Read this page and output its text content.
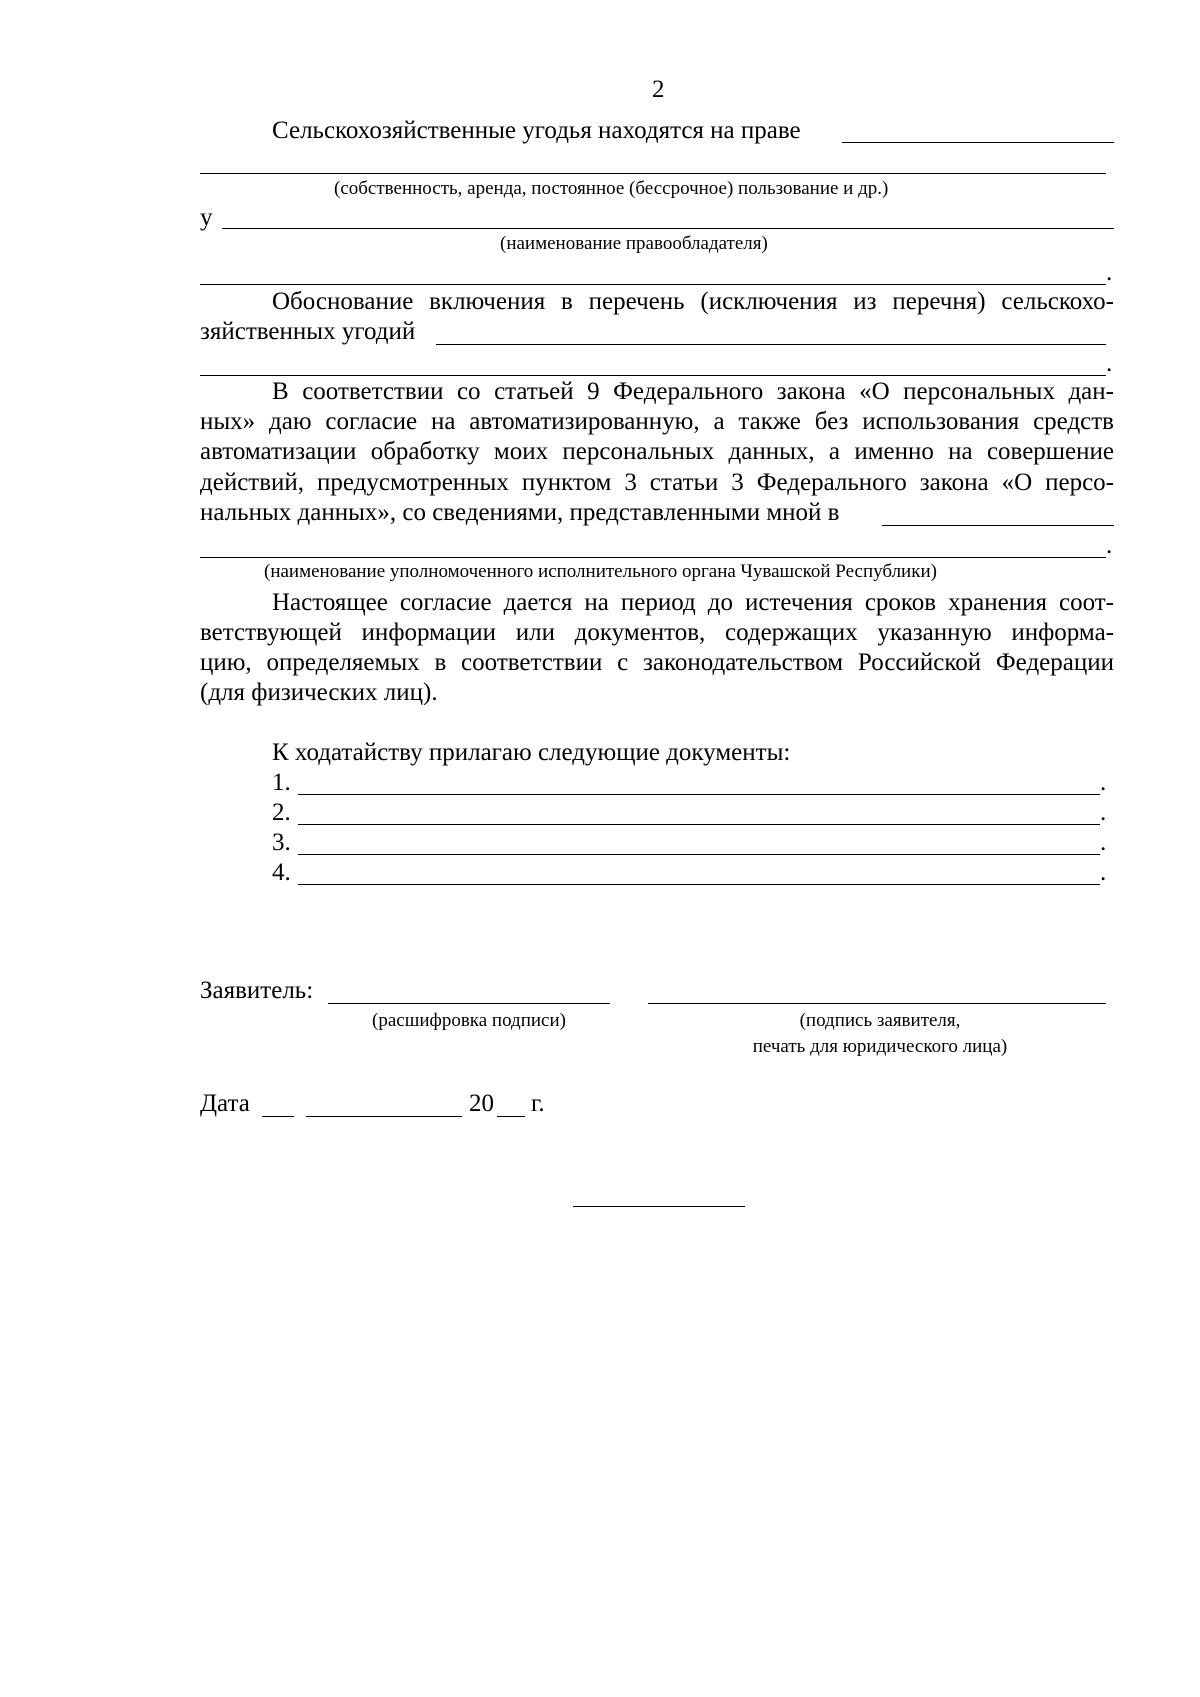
2
Сельскохозяйственные угодья находятся на праве
(собственность, аренда, постоянное (бессрочное) пользование и др.)
у
(наименование правообладателя)
.
Обоснование включения в перечень (исключения из перечня) сельскохо-
зяйственных угодий
.
В соответствии со статьей 9 Федерального закона «О персональных дан-
ных» даю согласие на автоматизированную, а также без использования средств
автоматизации обработку моих персональных данных, а именно на совершение
действий, предусмотренных пунктом 3 статьи 3 Федерального закона «О персо-
нальных данных», со сведениями, представленными мной в
.
(наименование уполномоченного исполнительного органа Чувашской Республики)
Настоящее согласие дается на период до истечения сроков хранения соот-
ветствующей информации или документов, содержащих указанную информа-
цию, определяемых в соответствии с законодательством Российской Федерации
(для физических лиц).
К ходатайству прилагаю следующие документы:
1.	.
2.	.
3.	.
4.	.
Заявитель:
(расшифровка подписи)	(подпись заявителя,
печать для юридического лица)
Дата	20 г.
